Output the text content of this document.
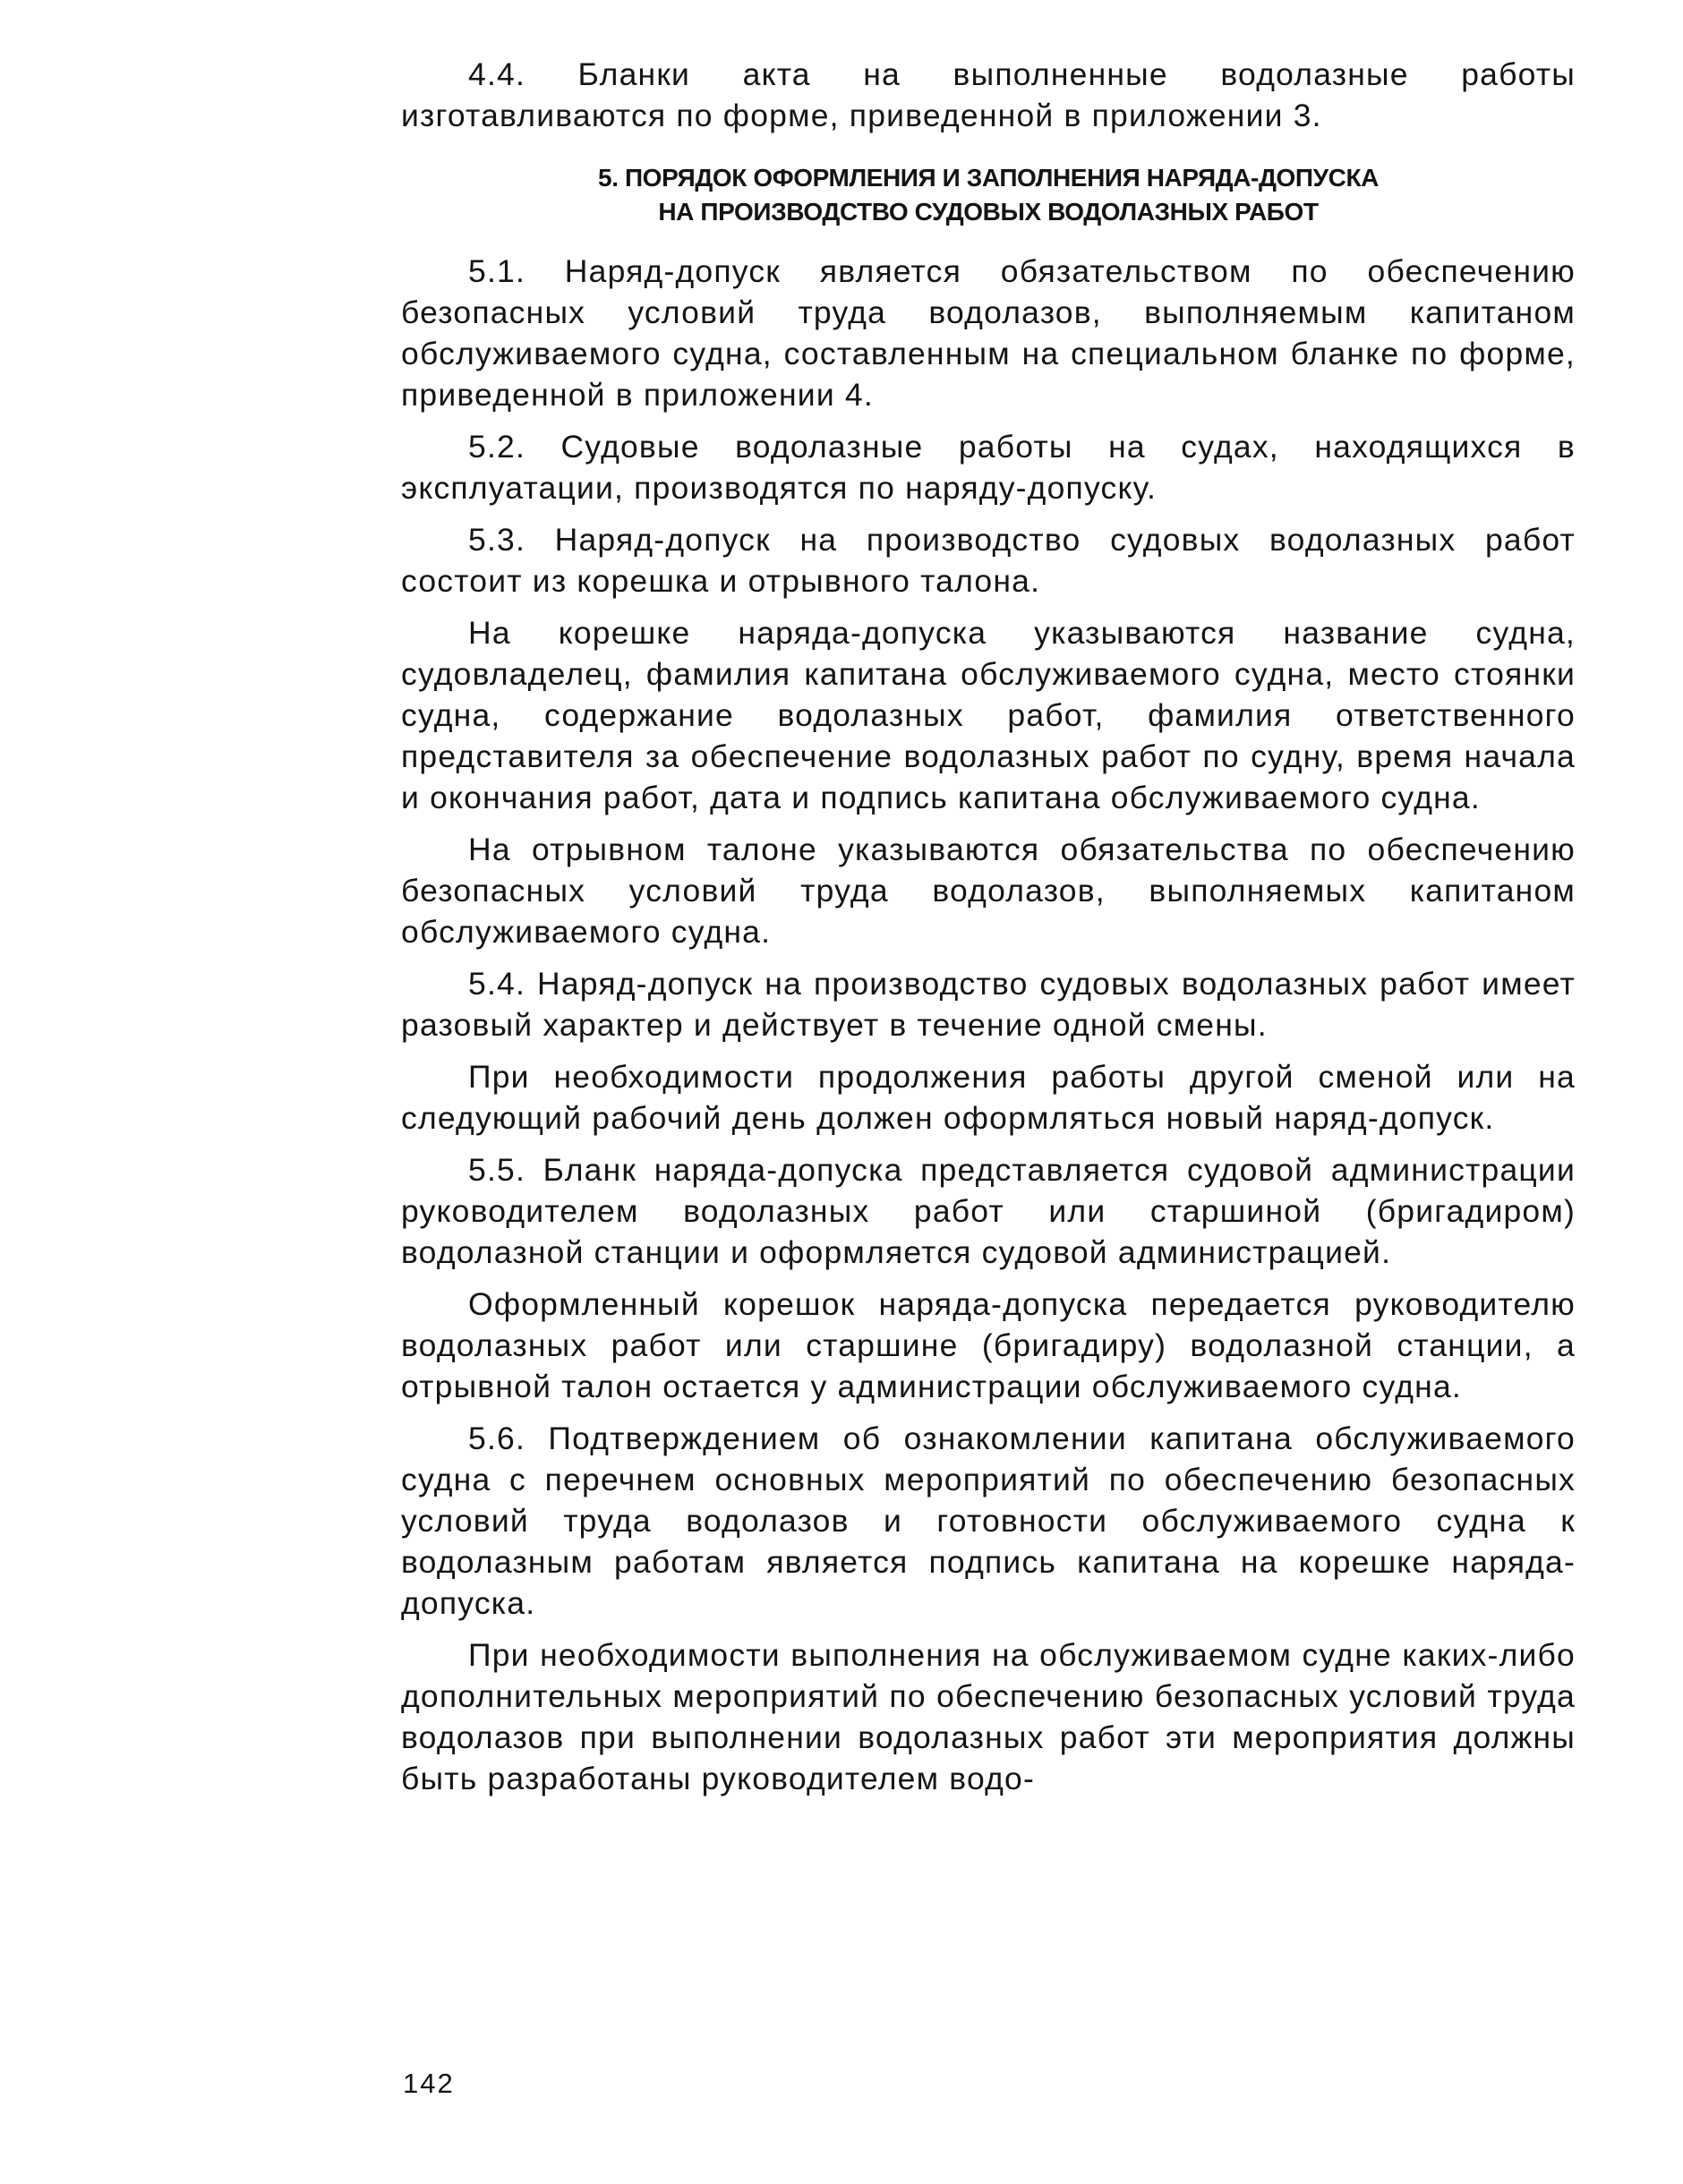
4.4. Бланки акта на выполненные водолазные работы изготавливаются по форме, приведенной в приложении 3.

5. ПОРЯДОК ОФОРМЛЕНИЯ И ЗАПОЛНЕНИЯ НАРЯДА-ДОПУСКА
НА ПРОИЗВОДСТВО СУДОВЫХ ВОДОЛАЗНЫХ РАБОТ

5.1. Наряд-допуск является обязательством по обеспечению безопасных условий труда водолазов, выполняемым капитаном обслуживаемого судна, составленным на специальном бланке по форме, приведенной в приложении 4.

5.2. Судовые водолазные работы на судах, находящихся в эксплуатации, производятся по наряду-допуску.

5.3. Наряд-допуск на производство судовых водолазных работ состоит из корешка и отрывного талона.

На корешке наряда-допуска указываются название судна, судовладелец, фамилия капитана обслуживаемого судна, место стоянки судна, содержание водолазных работ, фамилия ответственного представителя за обеспечение водолазных работ по судну, время начала и окончания работ, дата и подпись капитана обслуживаемого судна.

На отрывном талоне указываются обязательства по обеспечению безопасных условий труда водолазов, выполняемых капитаном обслуживаемого судна.

5.4. Наряд-допуск на производство судовых водолазных работ имеет разовый характер и действует в течение одной смены.

При необходимости продолжения работы другой сменой или на следующий рабочий день должен оформляться новый наряд-допуск.

5.5. Бланк наряда-допуска представляется судовой администрации руководителем водолазных работ или старшиной (бригадиром) водолазной станции и оформляется судовой администрацией.

Оформленный корешок наряда-допуска передается руководителю водолазных работ или старшине (бригадиру) водолазной станции, а отрывной талон остается у администрации обслуживаемого судна.

5.6. Подтверждением об ознакомлении капитана обслуживаемого судна с перечнем основных мероприятий по обеспечению безопасных условий труда водолазов и готовности обслуживаемого судна к водолазным работам является подпись капитана на корешке наряда-допуска.

При необходимости выполнения на обслуживаемом судне каких-либо дополнительных мероприятий по обеспечению безопасных условий труда водолазов при выполнении водолазных работ эти мероприятия должны быть разработаны руководителем водо-

142
